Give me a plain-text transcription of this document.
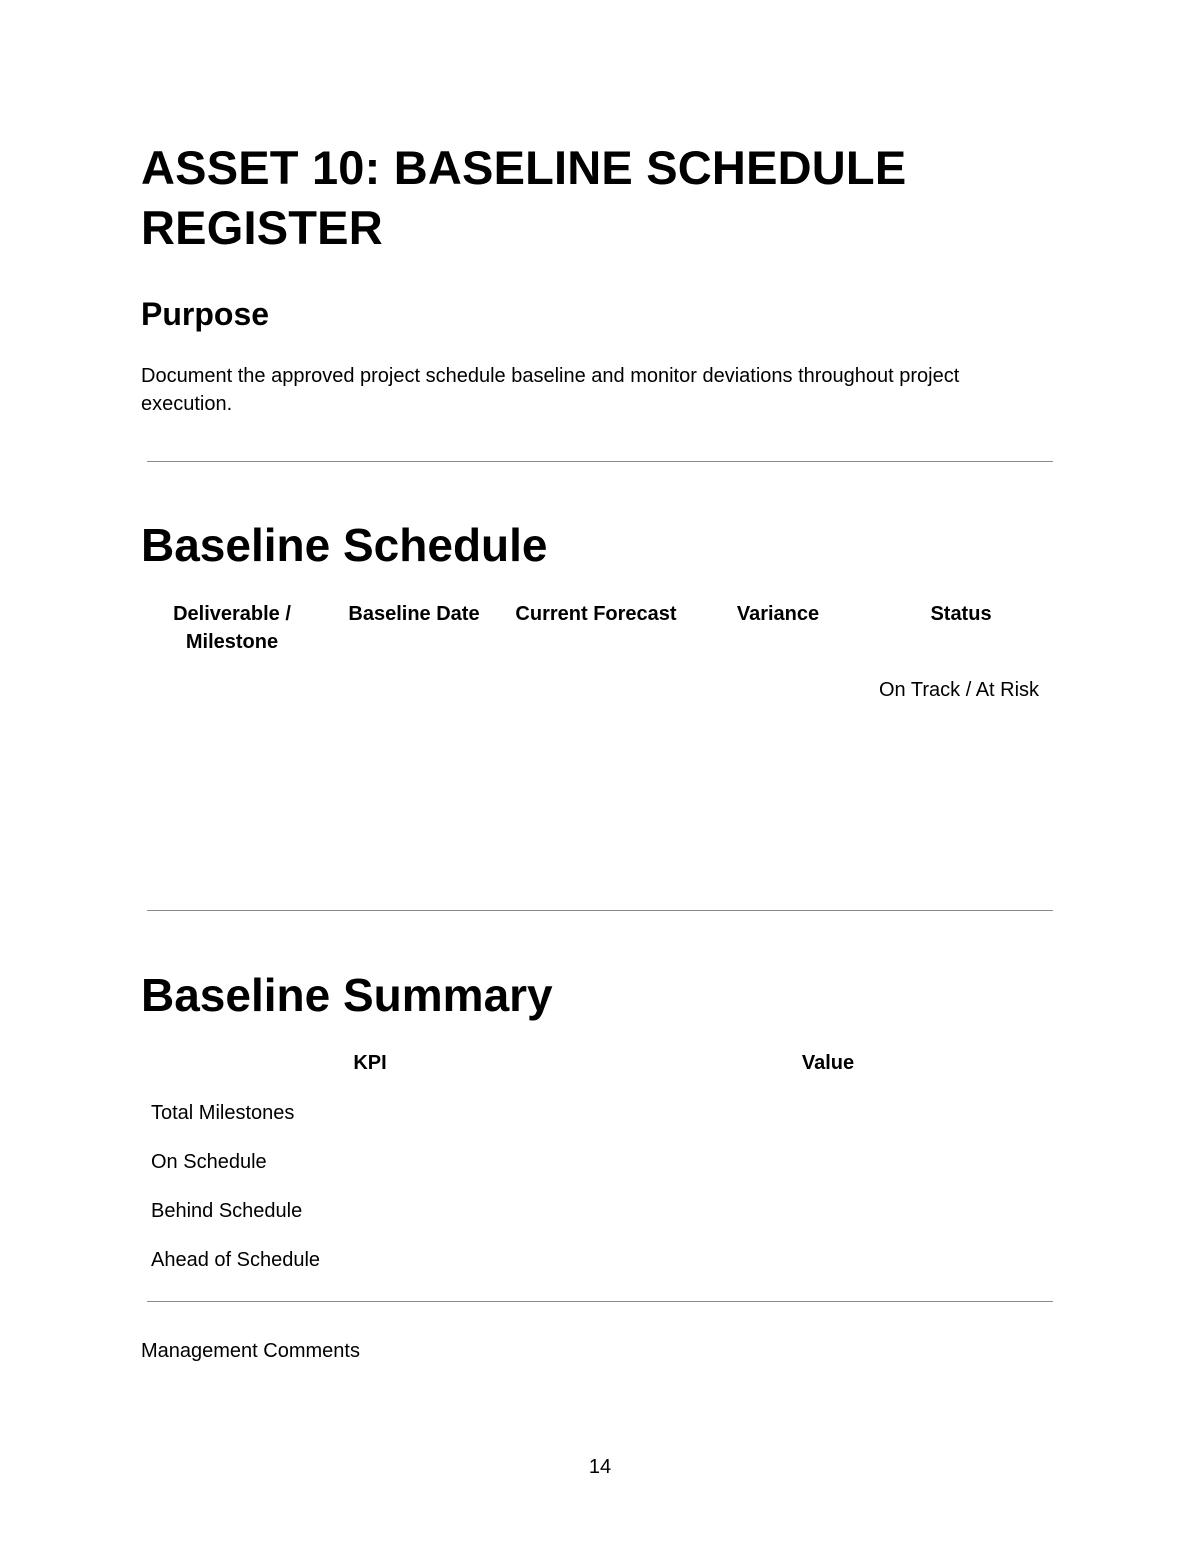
ASSET 10: BASELINE SCHEDULE REGISTER
Purpose

Document the approved project schedule baseline and monitor deviations throughout project execution.

Baseline Schedule
Deliverable / Milestone	Baseline Date	Current Forecast	Variance	Status
				On Track / At Risk
Baseline Summary
KPI	Value
Total Milestones	
On Schedule	
Behind Schedule	
Ahead of Schedule	

Management Comments

14
